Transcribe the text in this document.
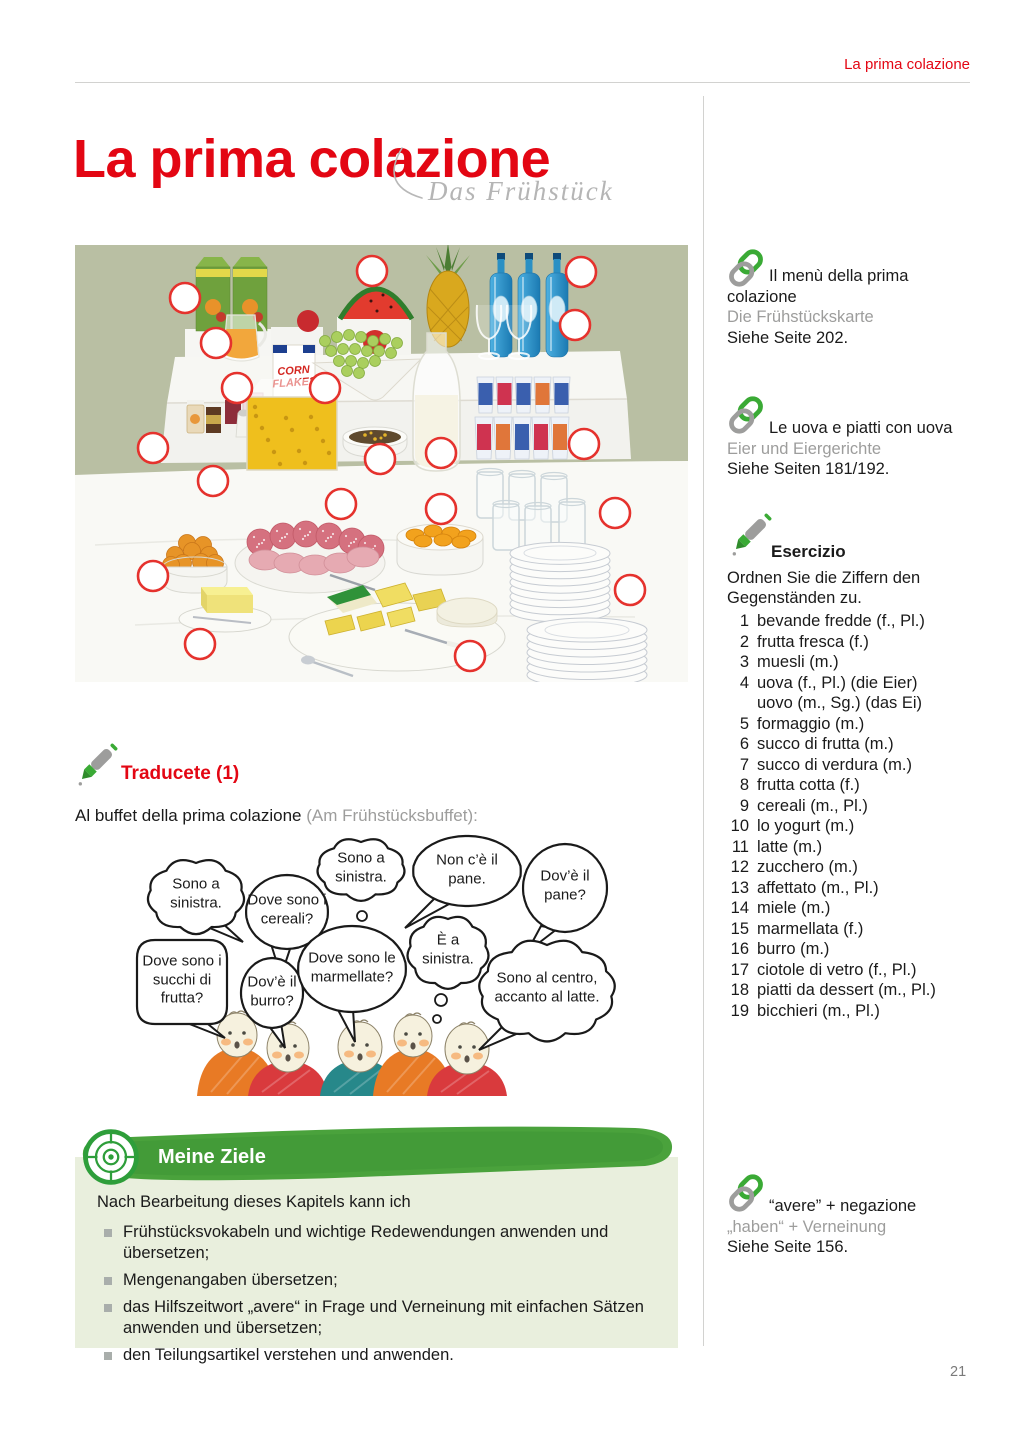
La prima colazione
La prima colazione
Das Frühstück
CORN
Il menù della prima colazione
Die Frühstückskarte
Siehe Seite 202.
Le uova e piatti con uova
Eier und Eiergerichte
Siehe Seiten 181/192.
Esercizio
Ordnen Sie die Ziffern den Gegenständen zu.
1 bevande fredde (f., Pl.)
2 frutta fresca (f.)
3 muesli (m.)
4 uova (f., Pl.) (die Eier)
uovo (m., Sg.) (das Ei)
5 formaggio (m.)
6 succo di frutta (m.)
7 succo di verdura (m.)
8 frutta cotta (f.)
9 cereali (m., Pl.)
10 lo yogurt (m.)
11 latte (m.)
12 zucchero (m.)
13 affettato (m., Pl.)
14 miele (m.)
15 marmellata (f.)
16 burro (m.)
17 ciotole di vetro (f., Pl.)
18 piatti da dessert (m., Pl.)
19 bicchieri (m., Pl.)
“avere” + negazione
„haben“ + Verneinung
Siehe Seite 156.
Traducete (1)
Al buffet della prima colazione (Am Frühstücksbuffet):
Sono a sinistra.	Dove sono i cereali?
Sono a sinistra.
Non c’è il pane.	Dov’è il pane?
Dove sono i succhi di frutta?
Dov’è il burro?
Dove sono le marmellate?
È a sinistra.
Sono al centro, accanto al latte.
Nach Bearbeitung dieses Kapitels kann ich
Frühstücksvokabeln und wichtige Redewendungen anwenden und übersetzen;
Mengenangaben übersetzen;
das Hilfszeitwort „avere“ in Frage und Verneinung mit einfachen Sätzen anwenden und übersetzen;
den Teilungsartikel verstehen und anwenden.
Meine Ziele
21
